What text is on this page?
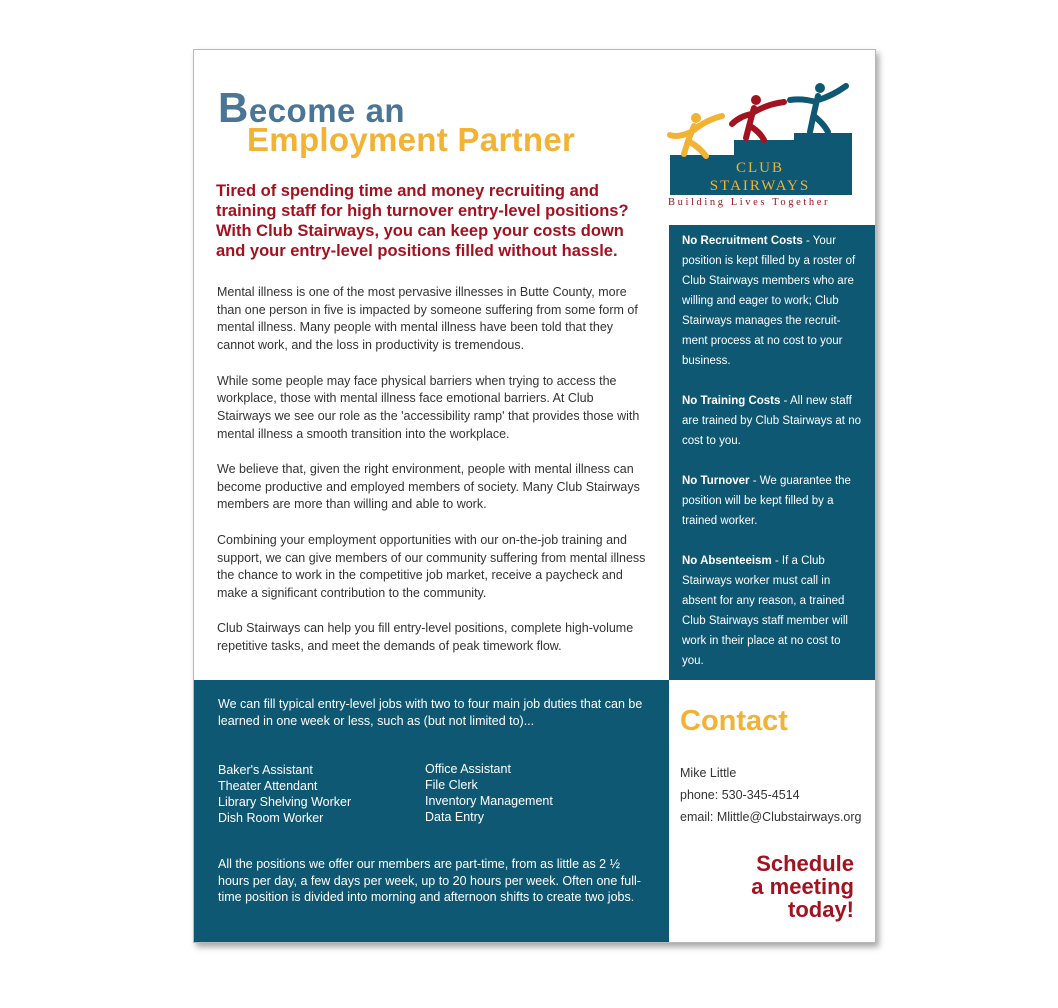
Become an
Employment Partner
Tired of spending time and money recruiting and training staff for high turnover entry-level positions? With Club Stairways, you can keep your costs down and your entry-level positions filled without hassle.

Mental illness is one of the most pervasive illnesses in Butte County, more than one person in five is impacted by someone suffering from some form of mental illness. Many people with mental illness have been told that they cannot work, and the loss in productivity is tremendous.

While some people may face physical barriers when trying to access the workplace, those with mental illness face emotional barriers. At Club Stairways we see our role as the 'accessibility ramp' that provides those with mental illness a smooth transition into the workplace.

We believe that, given the right environment, people with mental illness can become productive and employed members of society. Many Club Stairways members are more than willing and able to work.

Combining your employment opportunities with our on-the-job training and support, we can give members of our community suffering from mental illness the chance to work in the competitive job market, receive a paycheck and make a significant contribution to the community.

Club Stairways can help you fill entry-level positions, complete high-volume repetitive tasks, and meet the demands of peak timework flow.

CLUB
STAIRWAYS
Building Lives Together

No Recruitment Costs - Your position is kept filled by a roster of Club Stairways members who are willing and eager to work; Club Stairways manages the recruit-ment process at no cost to your business.

No Training Costs - All new staff are trained by Club Stairways at no cost to you.

No Turnover - We guarantee the position will be kept filled by a trained worker.

No Absenteeism - If a Club Stairways worker must call in absent for any reason, a trained Club Stairways staff member will work in their place at no cost to you.

We can fill typical entry-level jobs with two to four main job duties that can be learned in one week or less, such as (but not limited to)...
Baker's Assistant
Theater Attendant
Library Shelving Worker
Dish Room Worker
Office Assistant
File Clerk
Inventory Management
Data Entry
All the positions we offer our members are part-time, from as little as 2 ½ hours per day, a few days per week, up to 20 hours per week. Often one full-time position is divided into morning and afternoon shifts to create two jobs.
Contact
Mike Little
phone: 530-345-4514
email: Mlittle@Clubstairways.org
Schedule
a meeting
today!
